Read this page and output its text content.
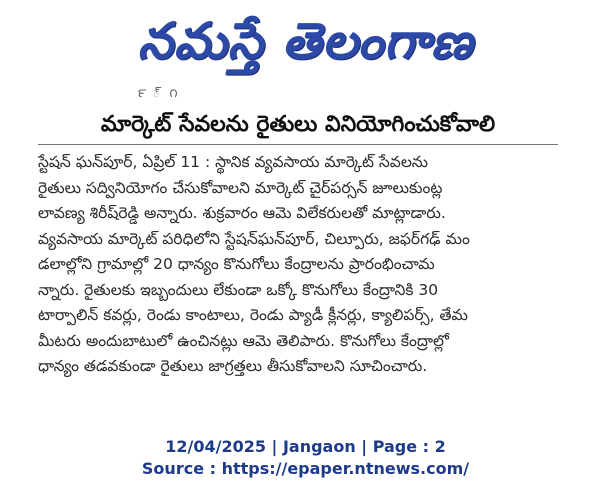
నమస్తే తెలంగాణ
౯ ్ ౧
మార్కెట్ సేవలను రైతులు వినియోగించుకోవాలి
స్టేషన్ ఘన్‌పూర్, ఏప్రిల్ 11 : స్థానిక వ్యవసాయ మార్కెట్ సేవలను
రైతులు సద్వినియోగం చేసుకోవాలని మార్కెట్ చైర్‌పర్సన్ జూలుకుంట్ల
లావణ్య శిరీష్‌రెడ్డి అన్నారు. శుక్రవారం ఆమె విలేకరులతో మాట్లాడారు.
వ్యవసాయ మార్కెట్ పరిధిలోని స్టేషన్‌ఘన్‌పూర్, చిల్పూరు, జఫర్‌గఢ్ మం
డలాల్లోని గ్రామాల్లో 20 ధాన్యం కొనుగోలు కేంద్రాలను ప్రారంభించామ
న్నారు. రైతులకు ఇబ్బందులు లేకుండా ఒక్కో కొనుగోలు కేంద్రానికి 30
టార్పాలిన్ కవర్లు, రెండు కాంటాలు, రెండు ప్యాడీ క్లీనర్లు, క్యాలిపర్స్, తేమ
మీటరు అందుబాటులో ఉంచినట్లు ఆమె తెలిపారు. కొనుగోలు కేంద్రాల్లో
ధాన్యం తడవకుండా రైతులు జాగ్రత్తలు తీసుకోవాలని సూచించారు.
12/04/2025 | Jangaon | Page : 2
Source : https://epaper.ntnews.com/
